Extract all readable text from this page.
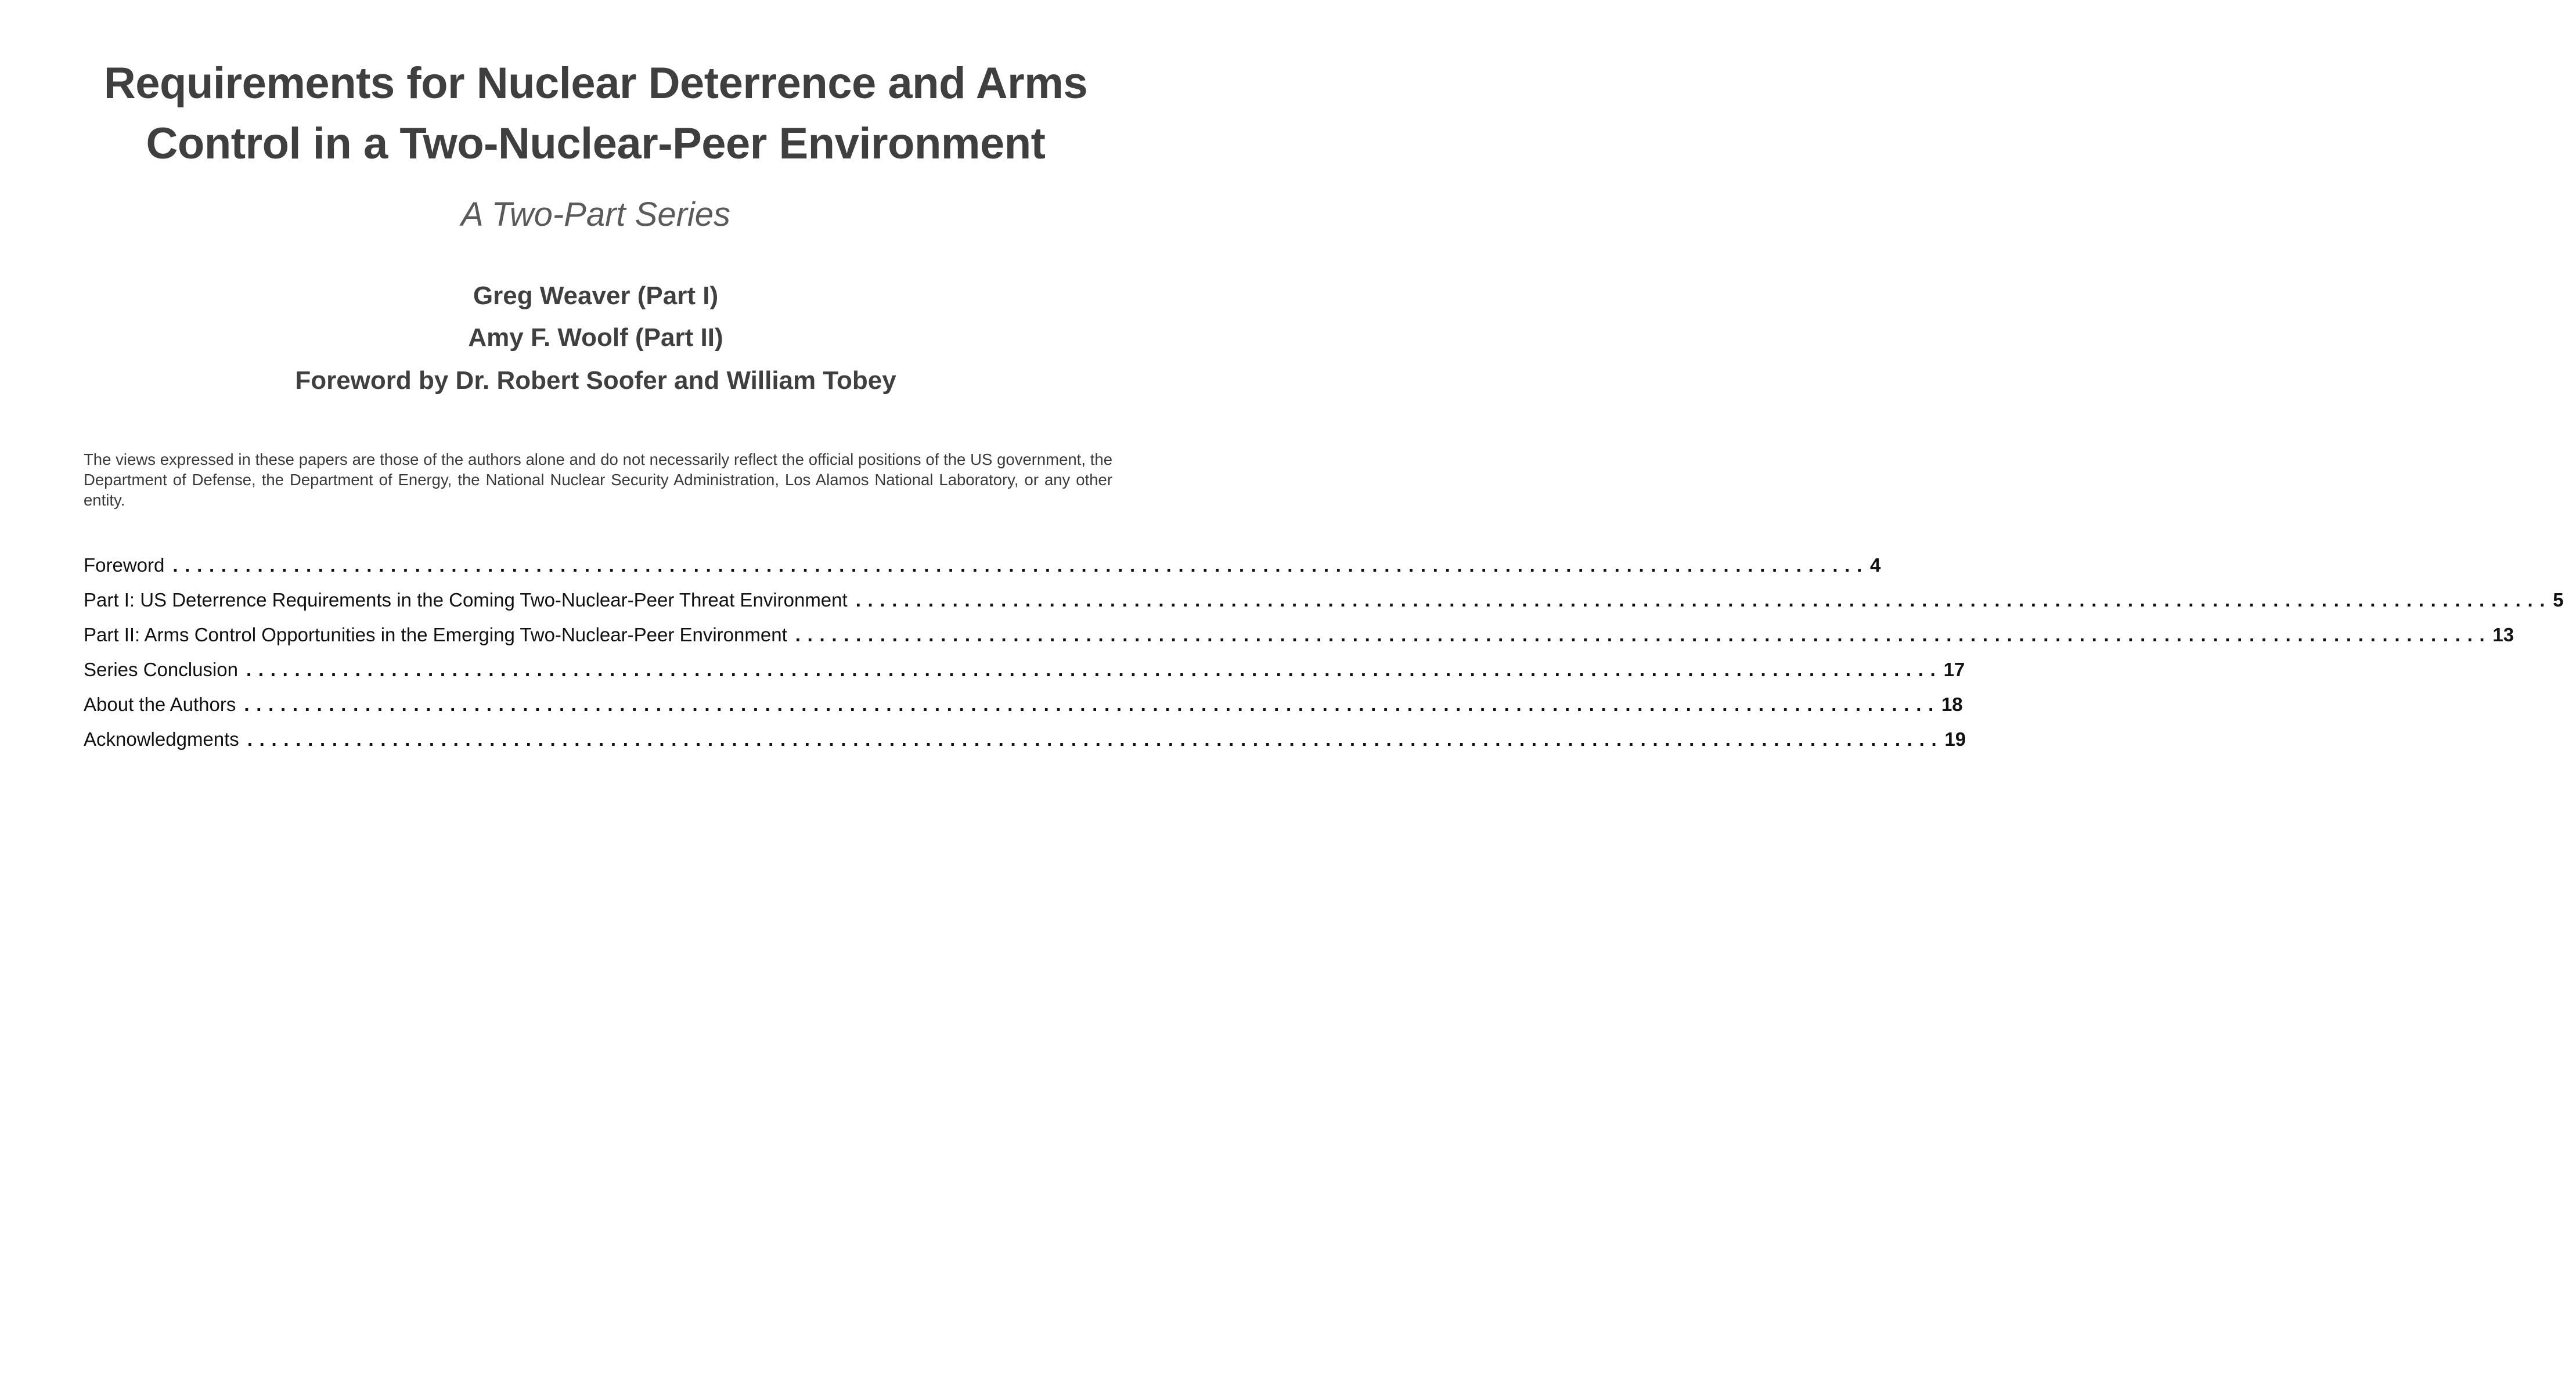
Requirements for Nuclear Deterrence and Arms Control in a Two-Nuclear-Peer Environment
A Two-Part Series
Greg Weaver (Part I)
Amy F. Woolf (Part II)
Foreword by Dr. Robert Soofer and William Tobey

The views expressed in these papers are those of the authors alone and do not necessarily reflect the official positions of the US government, the Department of Defense, the Department of Energy, the National Nuclear Security Administration, Los Alamos National Laboratory, or any other entity.

Foreword ............................................................................................................................................ 4
Part I: US Deterrence Requirements in the Coming Two-Nuclear-Peer Threat Environment ............................................................................................................................................ 5
Part II: Arms Control Opportunities in the Emerging Two-Nuclear-Peer Environment ............................................................................................................................................ 13
Series Conclusion ............................................................................................................................................ 17
About the Authors ............................................................................................................................................ 18
Acknowledgments ............................................................................................................................................ 19
